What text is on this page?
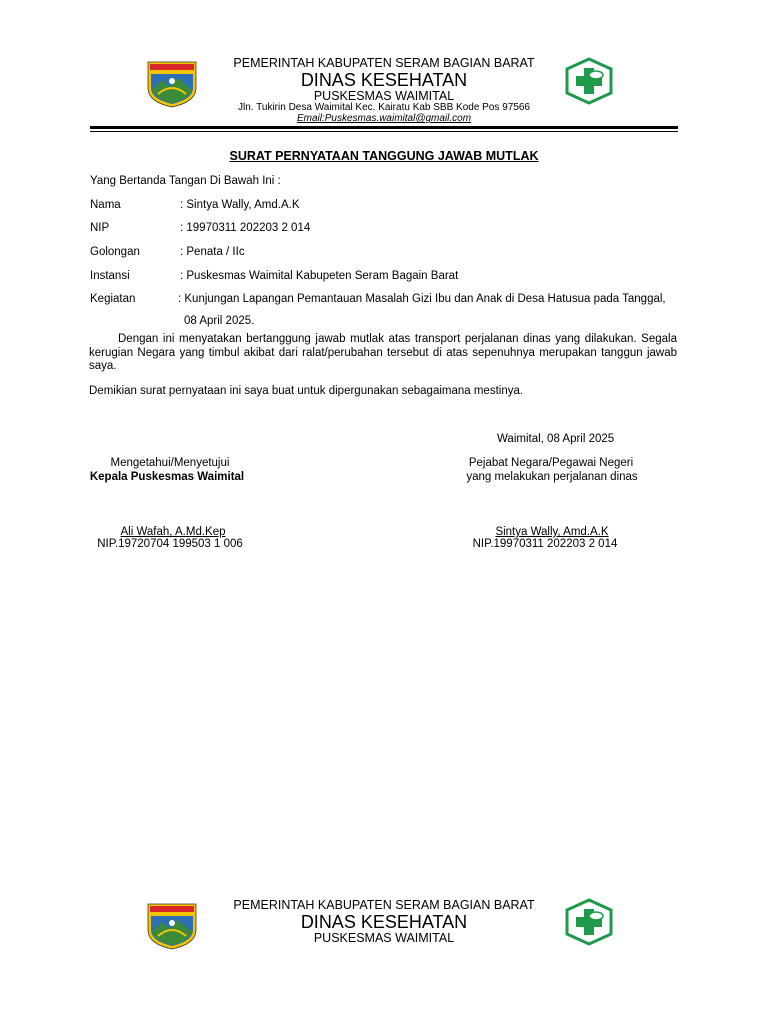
PEMERINTAH KABUPATEN SERAM BAGIAN BARAT
DINAS KESEHATAN
PUSKESMAS WAIMITAL
Jln. Tukirin Desa Waimital Kec. Kairatu Kab SBB Kode Pos 97566
Email:Puskesmas.waimital@gmail.com
SURAT PERNYATAAN TANGGUNG JAWAB MUTLAK
Yang Bertanda Tangan Di Bawah Ini :
Nama	: Sintya Wally, Amd.A.K
NIP	: 19970311 202203 2 014
Golongan	: Penata / IIc
Instansi	: Puskesmas Waimital Kabupeten Seram Bagain Barat
Kegiatan	: Kunjungan Lapangan Pemantauan Masalah Gizi Ibu dan Anak di Desa Hatusua pada Tanggal,
08 April 2025.
Dengan ini menyatakan bertanggung jawab mutlak atas transport perjalanan dinas yang dilakukan. Segala kerugian Negara yang timbul akibat dari ralat/perubahan tersebut di atas sepenuhnya merupakan tanggun jawab saya.
Demikian surat pernyataan ini saya buat untuk dipergunakan sebagaimana mestinya.
Waimital, 08 April 2025
Mengetahui/Menyetujui
Kepala Puskesmas Waimital
Ali Wafah, A.Md.Kep
NIP.19720704 199503 1 006
Pejabat Negara/Pegawai Negeri
yang melakukan perjalanan dinas
Sintya Wally, Amd.A.K
NIP.19970311 202203 2 014
PEMERINTAH KABUPATEN SERAM BAGIAN BARAT
DINAS KESEHATAN
PUSKESMAS WAIMITAL
